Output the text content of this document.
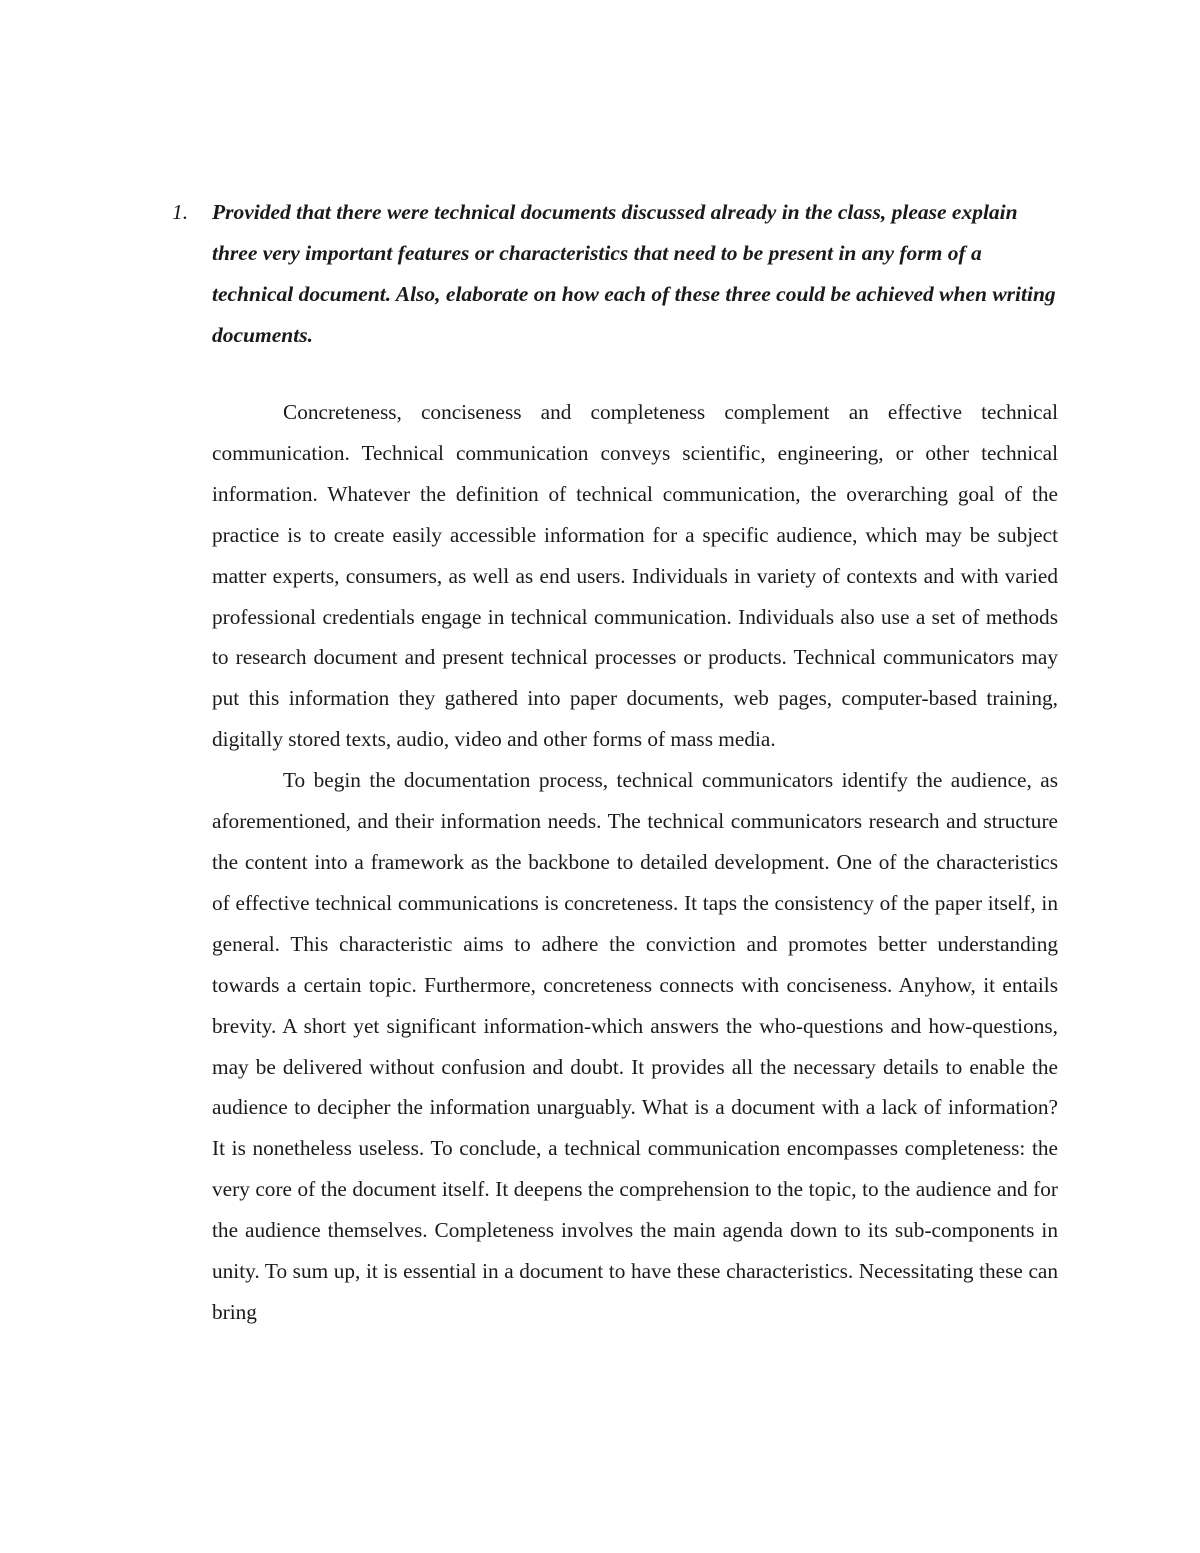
1.	Provided that there were technical documents discussed already in the class, please explain three very important features or characteristics that need to be present in any form of a technical document. Also, elaborate on how each of these three could be achieved when writing documents.

Concreteness, conciseness and completeness complement an effective technical communication. Technical communication conveys scientific, engineering, or other technical information. Whatever the definition of technical communication, the overarching goal of the practice is to create easily accessible information for a specific audience, which may be subject matter experts, consumers, as well as end users. Individuals in variety of contexts and with varied professional credentials engage in technical communication. Individuals also use a set of methods to research document and present technical processes or products. Technical communicators may put this information they gathered into paper documents, web pages, computer-based training, digitally stored texts, audio, video and other forms of mass media.

To begin the documentation process, technical communicators identify the audience, as aforementioned, and their information needs. The technical communicators research and structure the content into a framework as the backbone to detailed development. One of the characteristics of effective technical communications is concreteness. It taps the consistency of the paper itself, in general. This characteristic aims to adhere the conviction and promotes better understanding towards a certain topic. Furthermore, concreteness connects with conciseness. Anyhow, it entails brevity. A short yet significant information-which answers the who-questions and how-questions, may be delivered without confusion and doubt. It provides all the necessary details to enable the audience to decipher the information unarguably. What is a document with a lack of information? It is nonetheless useless. To conclude, a technical communication encompasses completeness: the very core of the document itself. It deepens the comprehension to the topic, to the audience and for the audience themselves. Completeness involves the main agenda down to its sub-components in unity. To sum up, it is essential in a document to have these characteristics. Necessitating these can bring
